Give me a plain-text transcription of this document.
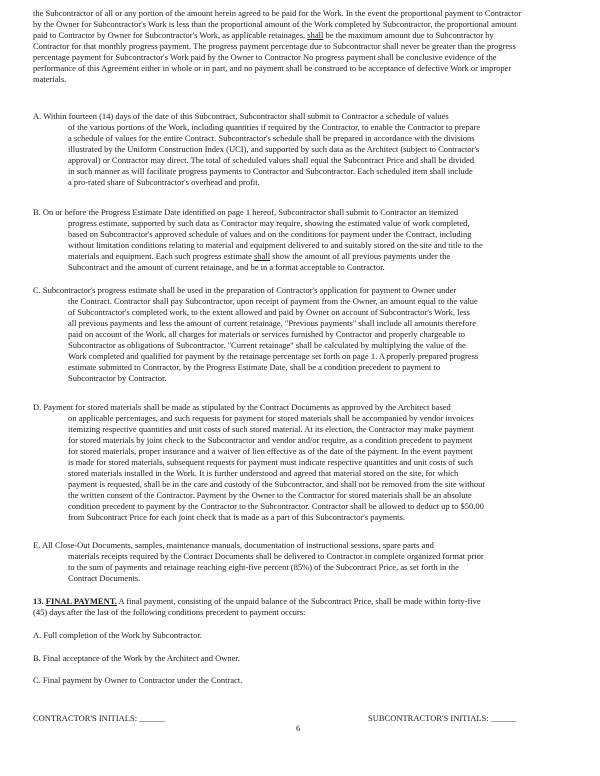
the Subcontractor of all or any portion of the amount herein agreed to be paid for the Work. In the event the proportional payment to Contractor

by the Owner for Subcontractor's Work is less than the proportional amount of the Work completed by Subcontractor, the proportional amount

paid to Contractor by Owner for Subcontractor's Work, as applicable retainages, shall be the maximum amount due to Subcontractor by

Contractor for that monthly progress payment. The progress payment percentage due to Subcontractor shall never be greater than the progress

percentage payment for Subcontractor's Work paid by the Owner to Contractor No progress payment shall be conclusive evidence of the

performance of this Agreement either in whole or in part, and no payment shall be construed to be acceptance of defective Work or improper

materials.

A. Within fourteen (14) days of the date of this Subcontract, Subcontractor shall submit to Contractor a schedule of values

of the various portions of the Work, including quantities if required by the Contractor, to enable the Contractor to prepare

a schedule of values for the entire Contract. Subcontractor's schedule shall be prepared in accordance with the divisions

illustrated by the Uniform Construction Index (UCI), and supported by such data as the Architect (subject to Contractor's

approval) or Contractor may direct. The total of scheduled values shall equal the Subcontract Price and shall be divided

in such manner as will facilitate progress payments to Contractor and Subcontractor. Each scheduled item shall include

a pro-rated share of Subcontractor's overhead and profit.

B. On or before the Progress Estimate Date identified on page 1 hereof, Subcontractor shall submit to Contractor an itemized

progress estimate, supported by such data as Contractor may require, showing the estimated value of work completed,

based on Subcontractor's approved schedule of values and on the conditions for payment under the Contract, including

without limitation conditions relating to material and equipment delivered to and suitably stored on the site and title to the

materials and equipment. Each such progress estimate shall show the amount of all previous payments under the

Subcontract and the amount of current retainage, and be in a format acceptable to Contractor.

C. Subcontractor's progress estimate shall be used in the preparation of Contractor's application for payment to Owner under

the Contract. Contractor shall pay Subcontractor, upon receipt of payment from the Owner, an amount equal to the value

of Subcontractor's completed work, to the extent allowed and paid by Owner on account of Subcontractor's Work, less

all previous payments and less the amount of current retainage. "Previous payments" shall include all amounts therefore

paid on account of the Work, all charges for materials or services furnished by Contractor and properly chargeable to

Subcontractor as obligations of Subcontractor. "Current retainage" shall be calculated by multiplying the value of the

Work completed and qualified for payment by the retainage percentage set forth on page 1. A properly prepared progress

estimate submitted to Contractor, by the Progress Estimate Date, shall be a condition precedent to payment to

Subcontractor by Contractor.

D. Payment for stored materials shall be made as stipulated by the Contract Documents as approved by the Architect based

on applicable percentages, and such requests for payment for stored materials shall be accompanied by vendor invoices

itemizing respective quantities and unit costs of such stored material. At its election, the Contractor may make payment

for stored materials by joint check to the Subcontractor and vendor and/or require, as a condition precedent to payment

for stored materials, proper insurance and a waiver of lien effective as of the date of the payment. In the event payment

is made for stored materials, subsequent requests for payment must indicate respective quantities and unit costs of such

stored materials installed in the Work. It is further understood and agreed that material stored on the site, for which

payment is requested, shall be in the care and custody of the Subcontractor, and shall not be removed from the site without

the written consent of the Contractor. Payment by the Owner to the Contractor for stored materials shall be an absolute

condition precedent to payment by the Contractor to the Subcontractor. Contractor shall be allowed to deduct up to $50.00

from Subcontract Price for each joint check that is made as a part of this Subcontractor's payments.

E. All Close-Out Documents, samples, maintenance manuals, documentation of instructional sessions, spare parts and

materials receipts required by the Contract Documents shall be delivered to Contractor in complete organized format prior

to the sum of payments and retainage reaching eight-five percent (85%) of the Subcontract Price, as set forth in the

Contract Documents.

13. FINAL PAYMENT. A final payment, consisting of the unpaid balance of the Subcontract Price, shall be made within forty-five

(45) days after the last of the following conditions precedent to payment occurs:

A. Full completion of the Work by Subcontractor.

B. Final acceptance of the Work by the Architect and Owner.

C. Final payment by Owner to Contractor under the Contract.

CONTRACTOR'S INITIALS: ______

6

SUBCONTRACTOR'S INITIALS: ______
